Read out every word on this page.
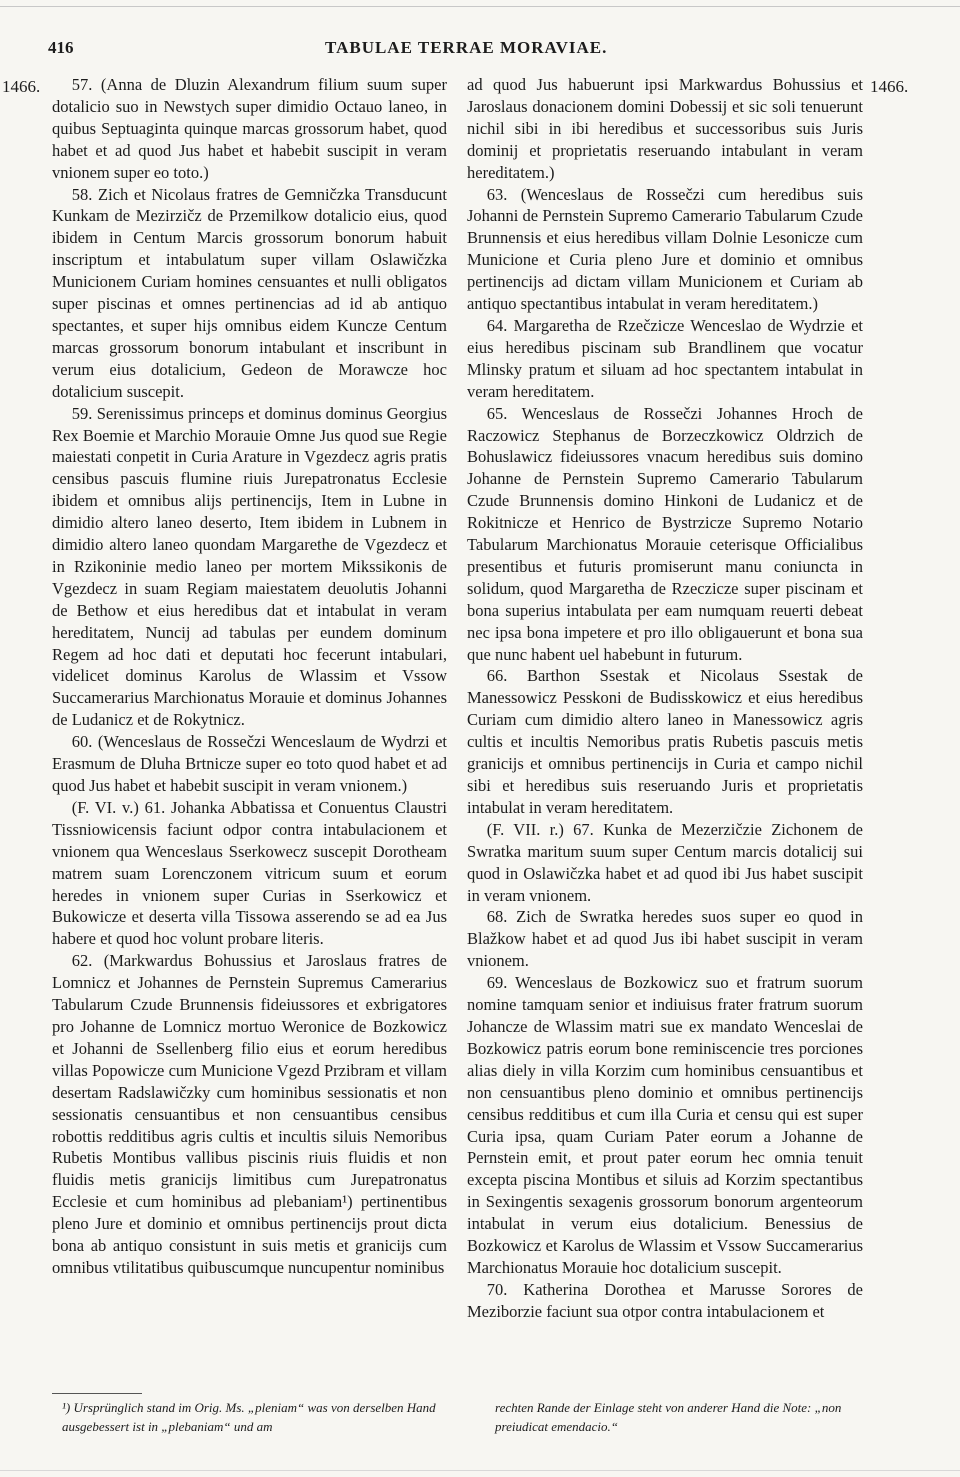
416	TABULAE TERRAE MORAVIAE.
1466.	1466.

57. (Anna de Dluzin Alexandrum filium suum super dotalicio suo in Newstych super dimidio Octauo laneo, in quibus Septuaginta quinque marcas grossorum habet, quod habet et ad quod Jus habet et habebit suscipit in veram vnionem super eo toto.)

58. Zich et Nicolaus fratres de Gemničzka Transducunt Kunkam de Mezirzičz de Przemilkow dotalicio eius, quod ibidem in Centum Marcis grossorum bonorum habuit inscriptum et intabulatum super villam Oslawičzka Municionem Curiam homines censuantes et nulli obligatos super piscinas et omnes pertinencias ad id ab antiquo spectantes, et super hijs omnibus eidem Kuncze Centum marcas grossorum bonorum intabulant et inscribunt in verum eius dotalicium, Gedeon de Morawcze hoc dotalicium suscepit.

59. Serenissimus princeps et dominus dominus Georgius Rex Boemie et Marchio Morauie Omne Jus quod sue Regie maiestati conpetit in Curia Arature in Vgezdecz agris pratis censibus pascuis flumine riuis Jurepatronatus Ecclesie ibidem et omnibus alijs pertinencijs, Item in Lubne in dimidio altero laneo deserto, Item ibidem in Lubnem in dimidio altero laneo quondam Margarethe de Vgezdecz et in Rzikoninie medio laneo per mortem Mikssikonis de Vgezdecz in suam Regiam maiestatem deuolutis Johanni de Bethow et eius heredibus dat et intabulat in veram hereditatem, Nuncij ad tabulas per eundem dominum Regem ad hoc dati et deputati hoc fecerunt intabulari, videlicet dominus Karolus de Wlassim et Vssow Succamerarius Marchionatus Morauie et dominus Johannes de Ludanicz et de Rokytnicz.

60. (Wenceslaus de Rossečzi Wenceslaum de Wydrzi et Erasmum de Dluha Brtnicze super eo toto quod habet et ad quod Jus habet et habebit suscipit in veram vnionem.)

(F. VI. v.) 61. Johanka Abbatissa et Conuentus Claustri Tissniowicensis faciunt odpor contra intabulacionem et vnionem qua Wenceslaus Sserkowecz suscepit Dorotheam matrem suam Lorenczonem vitricum suum et eorum heredes in vnionem super Curias in Sserkowicz et Bukowicze et deserta villa Tissowa asserendo se ad ea Jus habere et quod hoc volunt probare literis.

62. (Markwardus Bohussius et Jaroslaus fratres de Lomnicz et Johannes de Pernstein Supremus Camerarius Tabularum Czude Brunnensis fideiussores et exbrigatores pro Johanne de Lomnicz mortuo Weronice de Bozkowicz et Johanni de Ssellenberg filio eius et eorum heredibus villas Popowicze cum Municione Vgezd Przibram et villam desertam Radslawičzky cum hominibus sessionatis et non sessionatis censuantibus et non censuantibus censibus robottis redditibus agris cultis et incultis siluis Nemoribus Rubetis Montibus vallibus piscinis riuis fluidis et non fluidis metis granicijs limitibus cum Jurepatronatus Ecclesie et cum hominibus ad plebaniam¹) pertinentibus pleno Jure et dominio et omnibus pertinencijs prout dicta bona ab antiquo consistunt in suis metis et granicijs cum omnibus vtilitatibus quibuscumque nuncupentur nominibus

ad quod Jus habuerunt ipsi Markwardus Bohussius et Jaroslaus donacionem domini Dobessij et sic soli tenuerunt nichil sibi in ibi heredibus et successoribus suis Juris dominij et proprietatis reseruando intabulant in veram hereditatem.)

63. (Wenceslaus de Rossečzi cum heredibus suis Johanni de Pernstein Supremo Camerario Tabularum Czude Brunnensis et eius heredibus villam Dolnie Lesonicze cum Municione et Curia pleno Jure et dominio et omnibus pertinencijs ad dictam villam Municionem et Curiam ab antiquo spectantibus intabulat in veram hereditatem.)

64. Margaretha de Rzečzicze Wenceslao de Wydrzie et eius heredibus piscinam sub Brandlinem que vocatur Mlinsky pratum et siluam ad hoc spectantem intabulat in veram hereditatem.

65. Wenceslaus de Rossečzi Johannes Hroch de Raczowicz Stephanus de Borzeczkowicz Oldrzich de Bohuslawicz fideiussores vnacum heredibus suis domino Johanne de Pernstein Supremo Camerario Tabularum Czude Brunnensis domino Hinkoni de Ludanicz et de Rokitnicze et Henrico de Bystrzicze Supremo Notario Tabularum Marchionatus Morauie ceterisque Officialibus presentibus et futuris promiserunt manu coniuncta in solidum, quod Margaretha de Rzeczicze super piscinam et bona superius intabulata per eam numquam reuerti debeat nec ipsa bona impetere et pro illo obligauerunt et bona sua que nunc habent uel habebunt in futurum.

66. Barthon Ssestak et Nicolaus Ssestak de Manessowicz Pesskoni de Budisskowicz et eius heredibus Curiam cum dimidio altero laneo in Manessowicz agris cultis et incultis Nemoribus pratis Rubetis pascuis metis granicijs et omnibus pertinencijs in Curia et campo nichil sibi et heredibus suis reseruando Juris et proprietatis intabulat in veram hereditatem.

(F. VII. r.) 67. Kunka de Mezerzičzie Zichonem de Swratka maritum suum super Centum marcis dotalicij sui quod in Oslawičzka habet et ad quod ibi Jus habet suscipit in veram vnionem.

68. Zich de Swratka heredes suos super eo quod in Blažkow habet et ad quod Jus ibi habet suscipit in veram vnionem.

69. Wenceslaus de Bozkowicz suo et fratrum suorum nomine tamquam senior et indiuisus frater fratrum suorum Johancze de Wlassim matri sue ex mandato Wenceslai de Bozkowicz patris eorum bone reminiscencie tres porciones alias diely in villa Korzim cum hominibus censuantibus et non censuantibus pleno dominio et omnibus pertinencijs censibus redditibus et cum illa Curia et censu qui est super Curia ipsa, quam Curiam Pater eorum a Johanne de Pernstein emit, et prout pater eorum hec omnia tenuit excepta piscina Montibus et siluis ad Korzim spectantibus in Sexingentis sexagenis grossorum bonorum argenteorum intabulat in verum eius dotalicium. Benessius de Bozkowicz et Karolus de Wlassim et Vssow Succamerarius Marchionatus Morauie hoc dotalicium suscepit.

70. Katherina Dorothea et Marusse Sorores de Meziborzie faciunt sua otpor contra intabulacionem et

¹) Ursprünglich stand im Orig. Ms. „pleniam“ was von derselben Hand ausgebessert ist in „plebaniam“ und am
rechten Rande der Einlage steht von anderer Hand die Note: „non preiudicat emendacio.“
